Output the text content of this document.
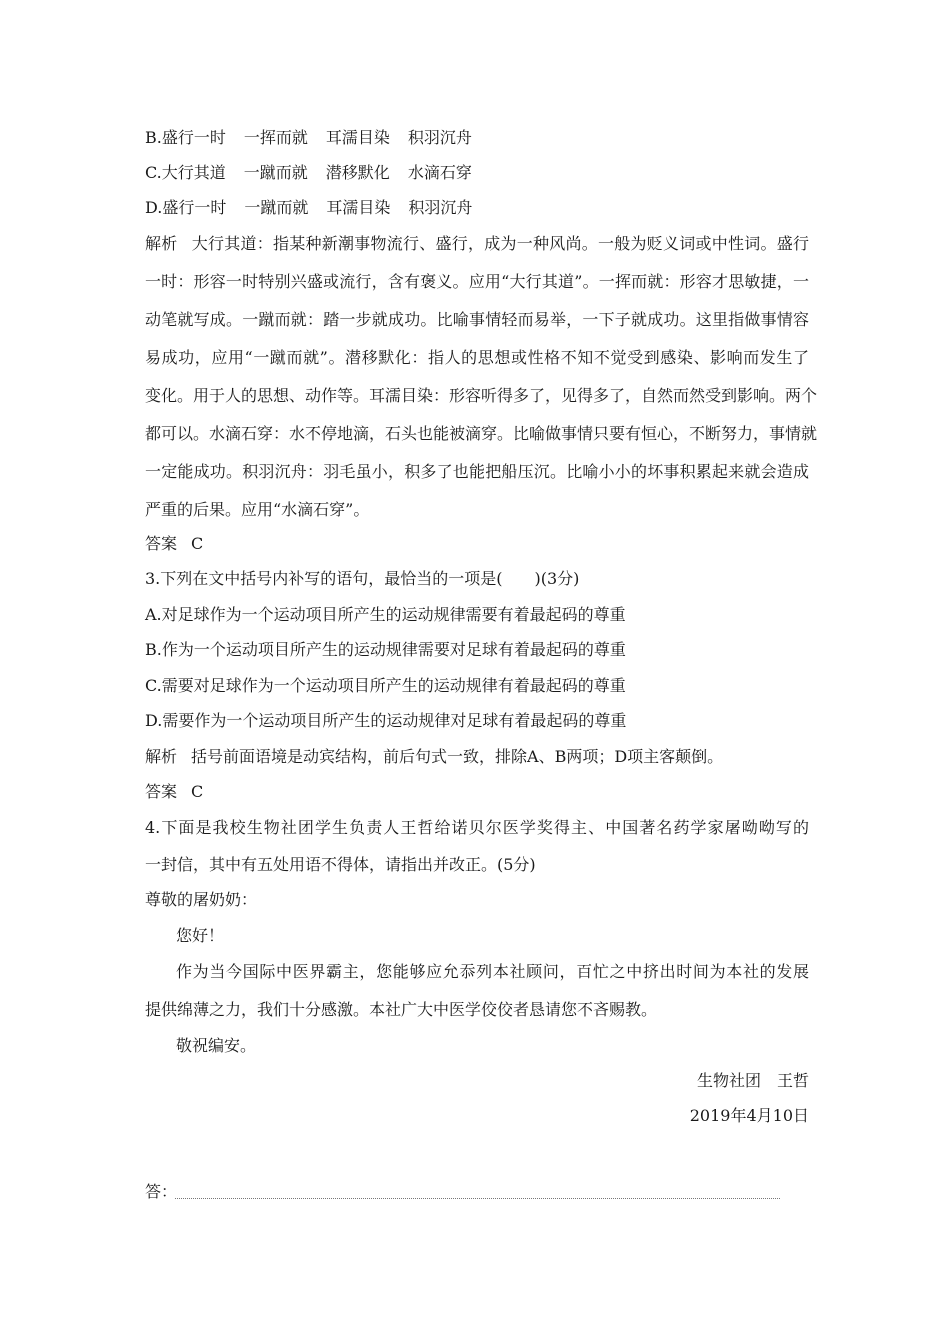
B.盛行一时 一挥而就 耳濡目染 积羽沉舟
C.大行其道 一蹴而就 潜移默化 水滴石穿
D.盛行一时 一蹴而就 耳濡目染 积羽沉舟
解析 大行其道：指某种新潮事物流行、盛行，成为一种风尚。一般为贬义词或中性词。盛行
一时：形容一时特别兴盛或流行，含有褒义。应用“大行其道”。一挥而就：形容才思敏捷，一
动笔就写成。一蹴而就：踏一步就成功。比喻事情轻而易举，一下子就成功。这里指做事情容
易成功，应用“一蹴而就”。潜移默化：指人的思想或性格不知不觉受到感染、影响而发生了
变化。用于人的思想、动作等。耳濡目染：形容听得多了，见得多了，自然而然受到影响。两个
都可以。水滴石穿：水不停地滴，石头也能被滴穿。比喻做事情只要有恒心，不断努力，事情就
一定能成功。积羽沉舟：羽毛虽小，积多了也能把船压沉。比喻小小的坏事积累起来就会造成
严重的后果。应用“水滴石穿”。
答案 C
3.下列在文中括号内补写的语句，最恰当的一项是(　　)(3分)
A.对足球作为一个运动项目所产生的运动规律需要有着最起码的尊重
B.作为一个运动项目所产生的运动规律需要对足球有着最起码的尊重
C.需要对足球作为一个运动项目所产生的运动规律有着最起码的尊重
D.需要作为一个运动项目所产生的运动规律对足球有着最起码的尊重
解析 括号前面语境是动宾结构，前后句式一致，排除A、B两项；D项主客颠倒。
答案 C
4.下面是我校生物社团学生负责人王哲给诺贝尔医学奖得主、中国著名药学家屠呦呦写的
一封信，其中有五处用语不得体，请指出并改正。(5分)
尊敬的屠奶奶：
您好！
作为当今国际中医界霸主，您能够应允忝列本社顾问，百忙之中挤出时间为本社的发展
提供绵薄之力，我们十分感激。本社广大中医学佼佼者恳请您不吝赐教。
敬祝编安。
生物社团　王哲
2019年4月10日
答：
